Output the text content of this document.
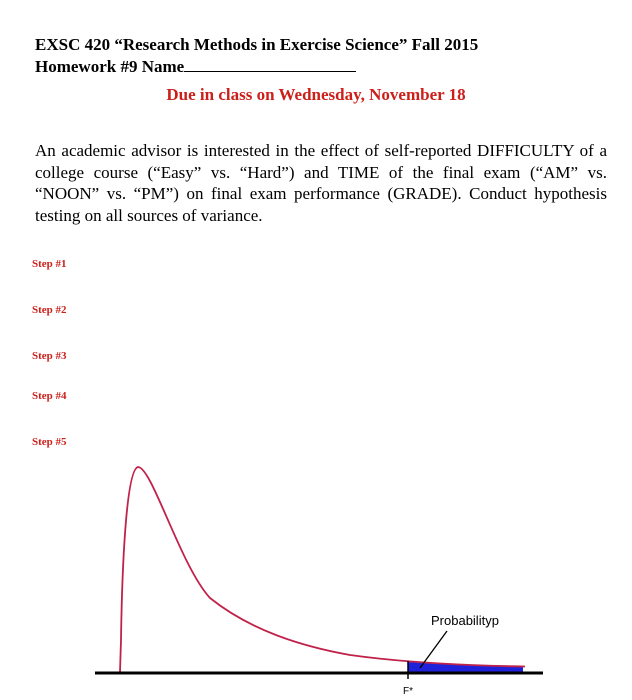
EXSC 420 “Research Methods in Exercise Science” Fall 2015
Homework #9 Name
Due in class on Wednesday, November 18
An academic advisor is interested in the effect of self-reported DIFFICULTY of a college course (“Easy” vs. “Hard”) and TIME of the final exam (“AM” vs. “NOON” vs. “PM”) on final exam performance (GRADE). Conduct hypothesis testing on all sources of variance.
Step #1
Step #2
Step #3
Step #4
Step #5
Probabilityp
F*
